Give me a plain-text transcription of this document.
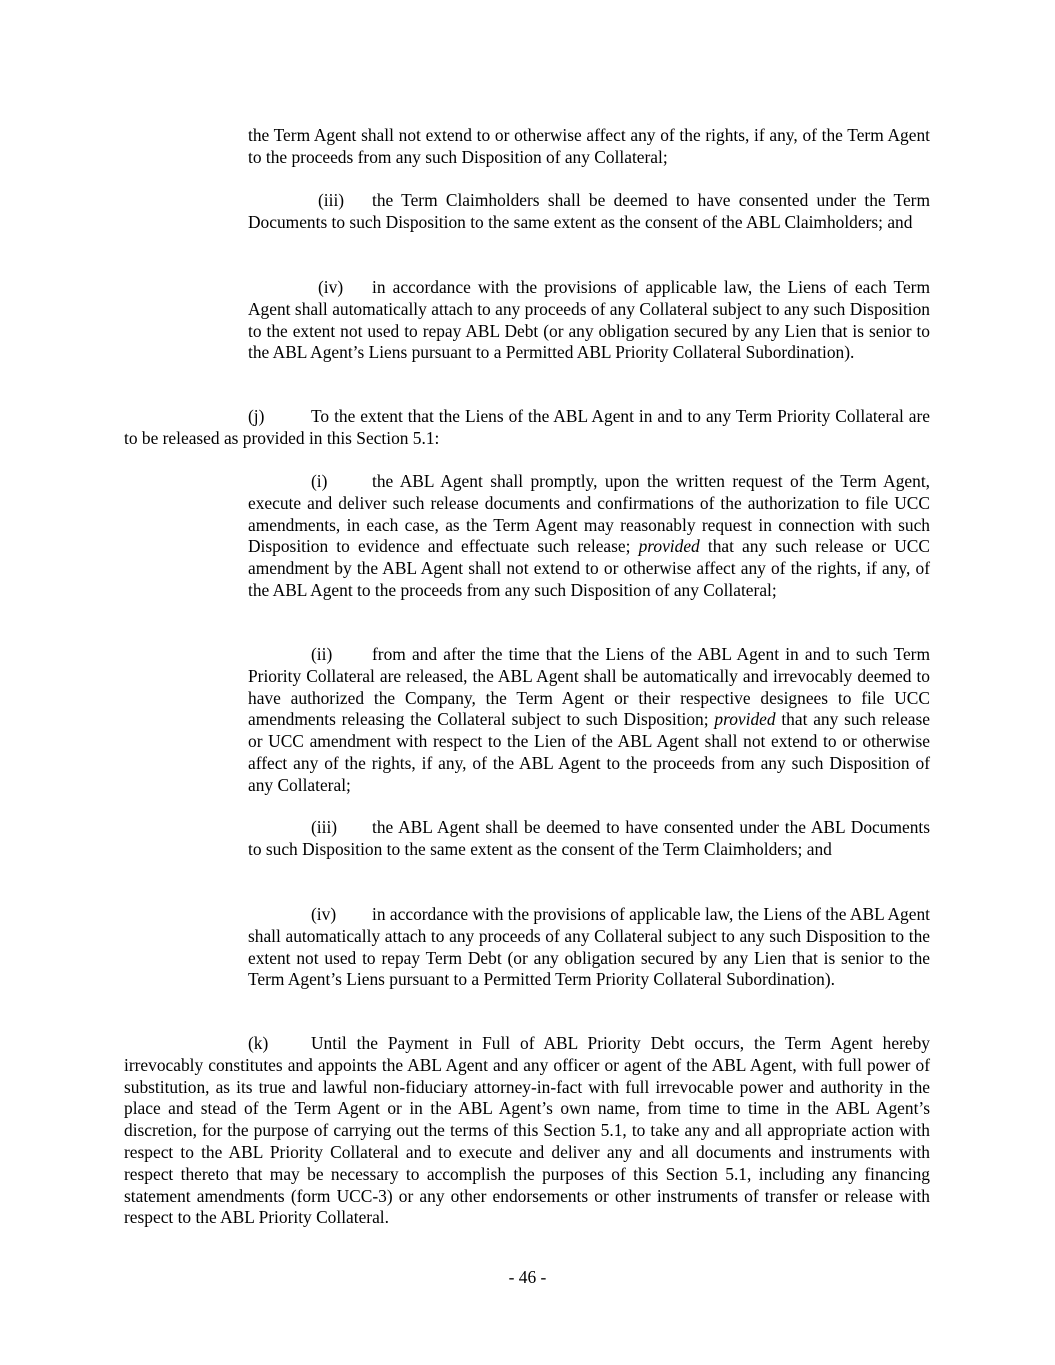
the Term Agent shall not extend to or otherwise affect any of the rights, if any, of the Term Agent to the proceeds from any such Disposition of any Collateral;

(iii) the Term Claimholders shall be deemed to have consented under the Term Documents to such Disposition to the same extent as the consent of the ABL Claimholders; and

(iv) in accordance with the provisions of applicable law, the Liens of each Term Agent shall automatically attach to any proceeds of any Collateral subject to any such Disposition to the extent not used to repay ABL Debt (or any obligation secured by any Lien that is senior to the ABL Agent’s Liens pursuant to a Permitted ABL Priority Collateral Subordination).

(j)	To the extent that the Liens of the ABL Agent in and to any Term Priority Collateral are to be released as provided in this Section 5.1:

(i)	the ABL Agent shall promptly, upon the written request of the Term Agent, execute and deliver such release documents and confirmations of the authorization to file UCC amendments, in each case, as the Term Agent may reasonably request in connection with such Disposition to evidence and effectuate such release; provided that any such release or UCC amendment by the ABL Agent shall not extend to or otherwise affect any of the rights, if any, of the ABL Agent to the proceeds from any such Disposition of any Collateral;

(ii) from and after the time that the Liens of the ABL Agent in and to such Term Priority Collateral are released, the ABL Agent shall be automatically and irrevocably deemed to have authorized the Company, the Term Agent or their respective designees to file UCC amendments releasing the Collateral subject to such Disposition; provided that any such release or UCC amendment with respect to the Lien of the ABL Agent shall not extend to or otherwise affect any of the rights, if any, of the ABL Agent to the proceeds from any such Disposition of any Collateral;

(iii) the ABL Agent shall be deemed to have consented under the ABL Documents to such Disposition to the same extent as the consent of the Term Claimholders; and

(iv) in accordance with the provisions of applicable law, the Liens of the ABL Agent shall automatically attach to any proceeds of any Collateral subject to any such Disposition to the extent not used to repay Term Debt (or any obligation secured by any Lien that is senior to the Term Agent’s Liens pursuant to a Permitted Term Priority Collateral Subordination).

(k) Until the Payment in Full of ABL Priority Debt occurs, the Term Agent hereby irrevocably constitutes and appoints the ABL Agent and any officer or agent of the ABL Agent, with full power of substitution, as its true and lawful non-fiduciary attorney-in-fact with full irrevocable power and authority in the place and stead of the Term Agent or in the ABL Agent’s own name, from time to time in the ABL Agent’s discretion, for the purpose of carrying out the terms of this Section 5.1, to take any and all appropriate action with respect to the ABL Priority Collateral and to execute and deliver any and all documents and instruments with respect thereto that may be necessary to accomplish the purposes of this Section 5.1, including any financing statement amendments (form UCC-3) or any other endorsements or other instruments of transfer or release with respect to the ABL Priority Collateral.

- 46 -
